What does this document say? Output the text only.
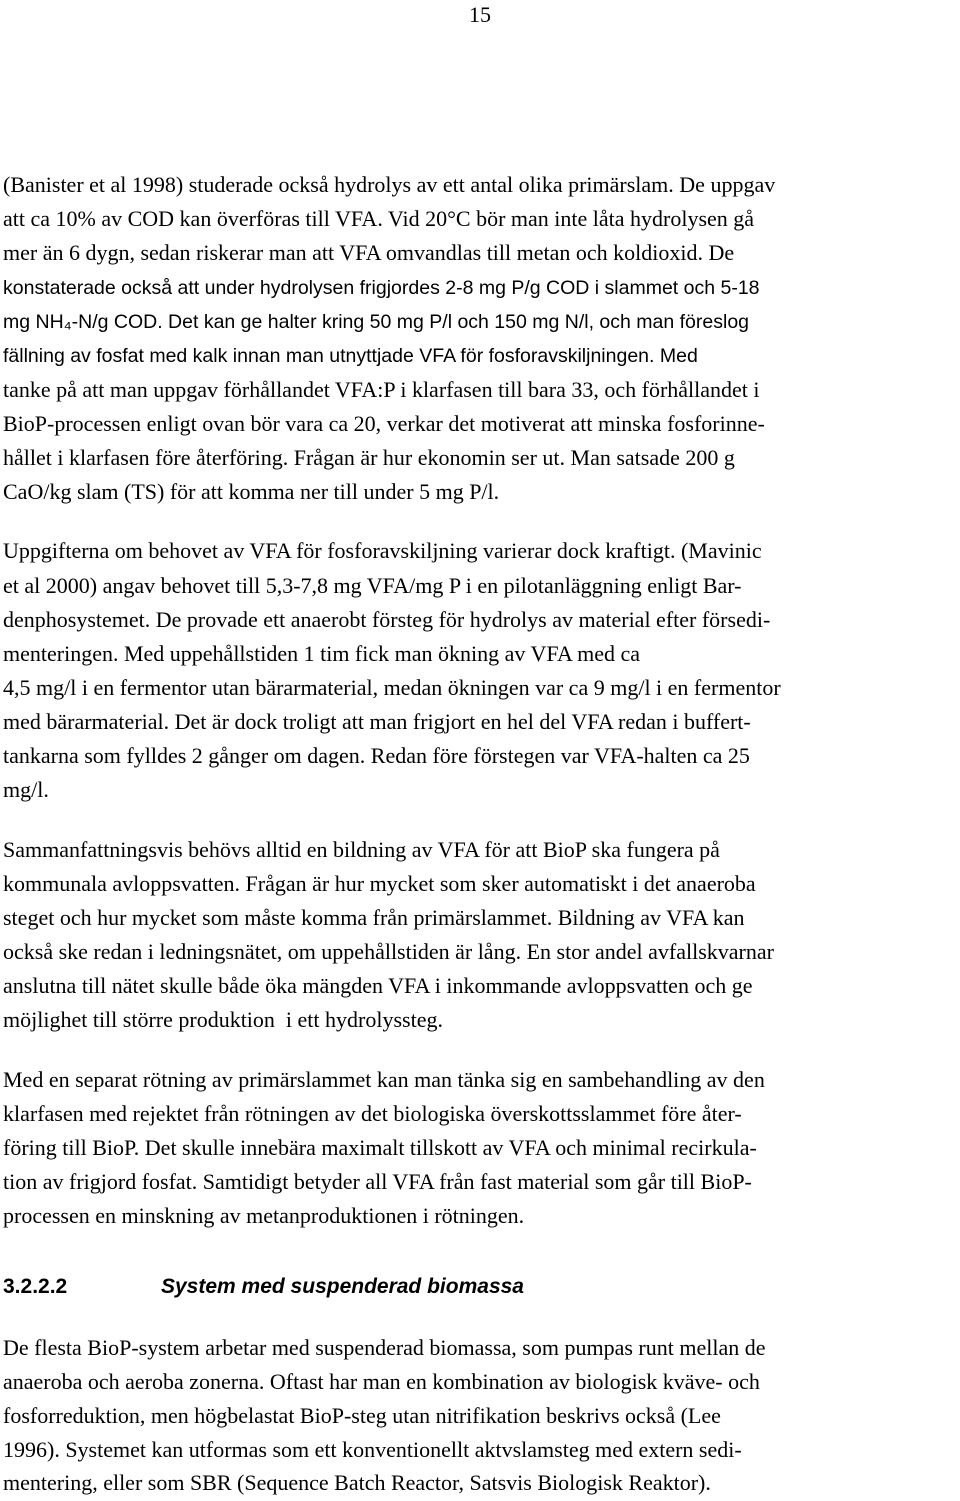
15
(Banister et al 1998) studerade också hydrolys av ett antal olika primärslam. De uppgav
att ca 10% av COD kan överföras till VFA. Vid 20°C bör man inte låta hydrolysen gå
mer än 6 dygn, sedan riskerar man att VFA omvandlas till metan och koldioxid. De
konstaterade också att under hydrolysen frigjordes 2-8 mg P/g COD i slammet och 5-18
mg NH₄-N/g COD. Det kan ge halter kring 50 mg P/l och 150 mg N/l, och man föreslog
fällning av fosfat med kalk innan man utnyttjade VFA för fosforavskiljningen. Med
tanke på att man uppgav förhållandet VFA:P i klarfasen till bara 33, och förhållandet i
BioP-processen enligt ovan bör vara ca 20, verkar det motiverat att minska fosforinne-
hållet i klarfasen före återföring. Frågan är hur ekonomin ser ut. Man satsade 200 g
CaO/kg slam (TS) för att komma ner till under 5 mg P/l.
Uppgifterna om behovet av VFA för fosforavskiljning varierar dock kraftigt. (Mavinic
et al 2000) angav behovet till 5,3-7,8 mg VFA/mg P i en pilotanläggning enligt Bar-
denphosystemet. De provade ett anaerobt försteg för hydrolys av material efter försedi-
menteringen. Med uppehållstiden 1 tim fick man ökning av VFA med ca
4,5 mg/l i en fermentor utan bärarmaterial, medan ökningen var ca 9 mg/l i en fermentor
med bärarmaterial. Det är dock troligt att man frigjort en hel del VFA redan i buffert-
tankarna som fylldes 2 gånger om dagen. Redan före förstegen var VFA-halten ca 25
mg/l.
Sammanfattningsvis behövs alltid en bildning av VFA för att BioP ska fungera på
kommunala avloppsvatten. Frågan är hur mycket som sker automatiskt i det anaeroba
steget och hur mycket som måste komma från primärslammet. Bildning av VFA kan
också ske redan i ledningsnätet, om uppehållstiden är lång. En stor andel avfallskvarnar
anslutna till nätet skulle både öka mängden VFA i inkommande avloppsvatten och ge
möjlighet till större produktion  i ett hydrolyssteg.
Med en separat rötning av primärslammet kan man tänka sig en sambehandling av den
klarfasen med rejektet från rötningen av det biologiska överskottsslammet före åter-
föring till BioP. Det skulle innebära maximalt tillskott av VFA och minimal recirkula-
tion av frigjord fosfat. Samtidigt betyder all VFA från fast material som går till BioP-
processen en minskning av metanproduktionen i rötningen.
3.2.2.2	System med suspenderad biomassa
De flesta BioP-system arbetar med suspenderad biomassa, som pumpas runt mellan de
anaeroba och aeroba zonerna. Oftast har man en kombination av biologisk kväve- och
fosforreduktion, men högbelastat BioP-steg utan nitrifikation beskrivs också (Lee
1996). Systemet kan utformas som ett konventionellt aktvslamsteg med extern sedi-
mentering, eller som SBR (Sequence Batch Reactor, Satsvis Biologisk Reaktor).
